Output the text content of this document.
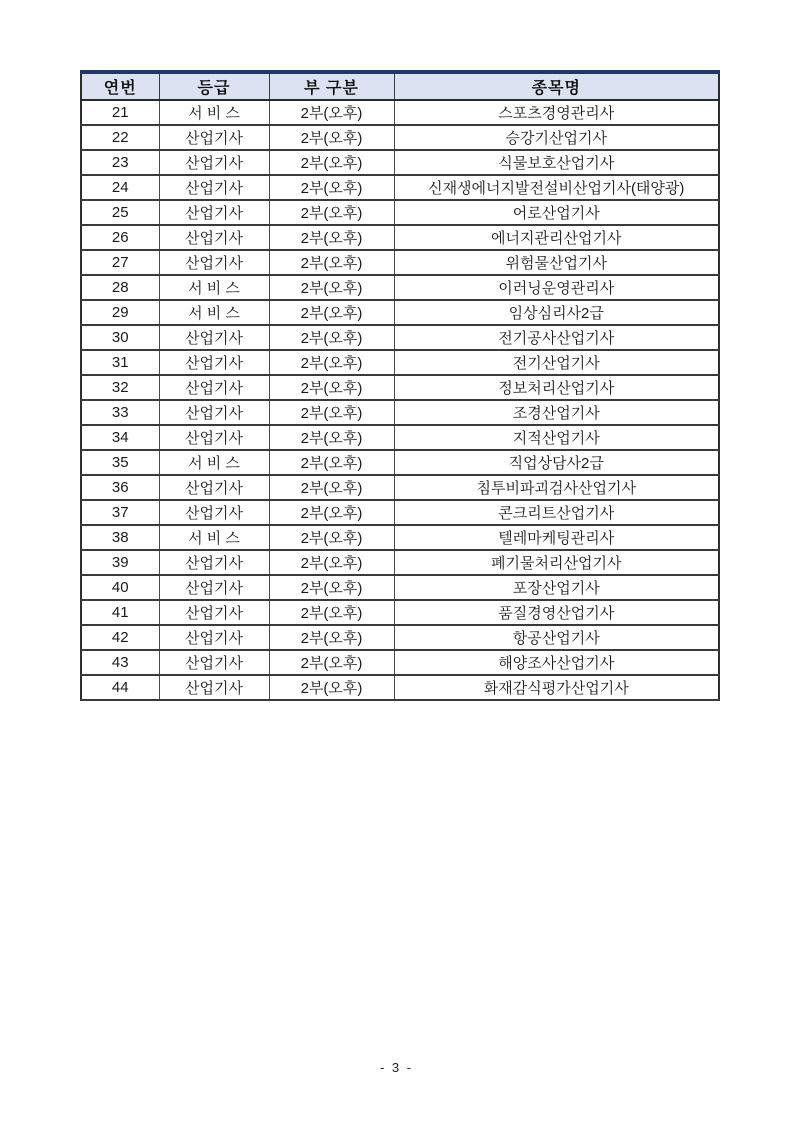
연번	등급	부 구분	종목명
21	서 비 스	2부(오후)	스포츠경영관리사
22	산업기사	2부(오후)	승강기산업기사
23	산업기사	2부(오후)	식물보호산업기사
24	산업기사	2부(오후)	신재생에너지발전설비산업기사(태양광)
25	산업기사	2부(오후)	어로산업기사
26	산업기사	2부(오후)	에너지관리산업기사
27	산업기사	2부(오후)	위험물산업기사
28	서 비 스	2부(오후)	이러닝운영관리사
29	서 비 스	2부(오후)	임상심리사2급
30	산업기사	2부(오후)	전기공사산업기사
31	산업기사	2부(오후)	전기산업기사
32	산업기사	2부(오후)	정보처리산업기사
33	산업기사	2부(오후)	조경산업기사
34	산업기사	2부(오후)	지적산업기사
35	서 비 스	2부(오후)	직업상담사2급
36	산업기사	2부(오후)	침투비파괴검사산업기사
37	산업기사	2부(오후)	콘크리트산업기사
38	서 비 스	2부(오후)	텔레마케팅관리사
39	산업기사	2부(오후)	폐기물처리산업기사
40	산업기사	2부(오후)	포장산업기사
41	산업기사	2부(오후)	품질경영산업기사
42	산업기사	2부(오후)	항공산업기사
43	산업기사	2부(오후)	해양조사산업기사
44	산업기사	2부(오후)	화재감식평가산업기사
- 3 -
